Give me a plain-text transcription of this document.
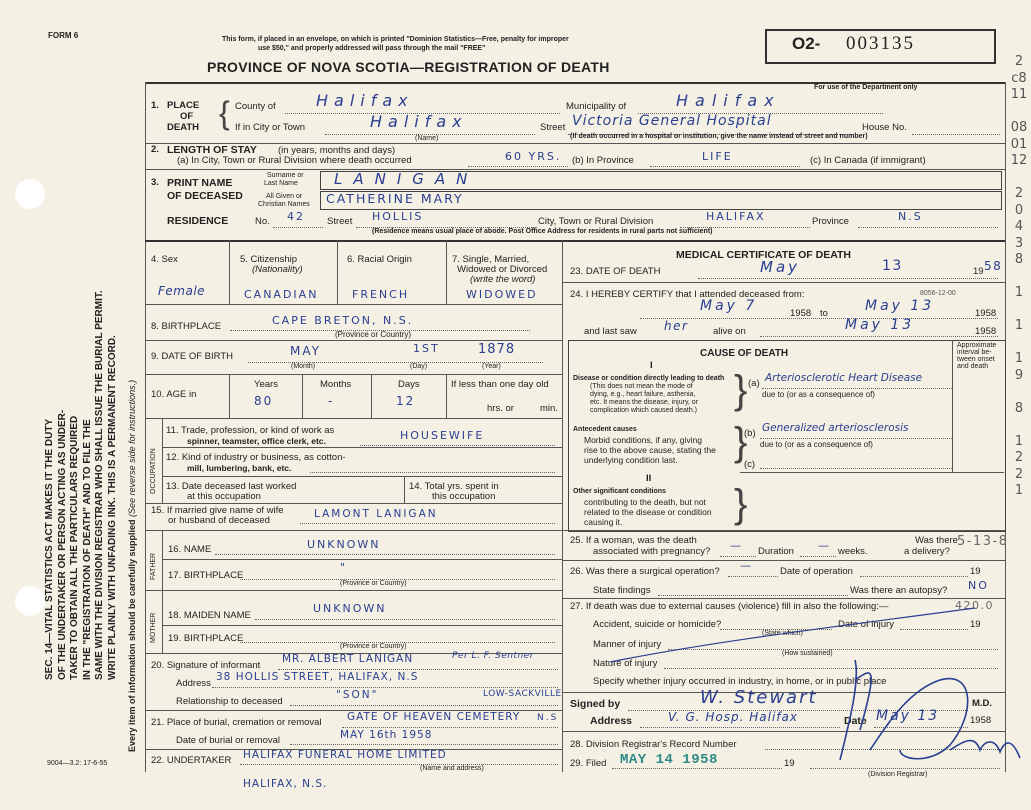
FORM 6	This form, if placed in an envelope, on which is printed "Dominion Statistics—Free, penalty for improper
use $50," and properly addressed will pass through the mail "FREE"
PROVINCE OF NOVA SCOTIA—REGISTRATION OF DEATH
O2- 003135
For use of the Department only
SEC. 14—VITAL STATISTICS ACT MAKES IT THE DUTY OF THE UNDERTAKER OR PERSON ACTING AS UNDER- TAKER TO OBTAIN ALL THE PARTICULARS REQUIRED IN THE "REGISTRATION OF DEATH" AND TO FILE THE SAME WITH THE DIVISION REGISTRAR WHO SHALL ISSUE THE BURIAL PERMIT. WRITE PLAINLY WITH UNFADING INK. THIS IS A PERMANENT RECORD. Every item of information should be carefully supplied (See reverse side for instructions.)
9004—3.2: 17-6-55
1. PLACE
OF
DEATH { County of	Halifax	Municipality of	Halifax
If in City or Town	Halifax
(Name)
Street Victoria General Hospital	House No.
(If death occurred in a hospital or institution, give the name instead of street and number)
2. LENGTH OF STAY (in years, months and days)
(a) In City, Town or Rural Division where death occurred	60 YRS. (b) In Province	LIFE	(c) In Canada (if immigrant)
3. PRINT NAME
OF DECEASED
Surname or
Last Name LANIGAN
All Given or
Christian Names CATHERINE MARY
RESIDENCE	No. 42 Street HOLLIS	City, Town or Rural Division	HALIFAX	Province	N.S
(Residence means usual place of abode. Post Office Address for residents in rural parts not sufficient)
4. Sex
Female
5. Citizenship
(Nationality)
CANADIAN
6. Racial Origin
FRENCH
7. Single, Married,
Widowed or Divorced
(write the word)
WIDOWED
8. BIRTHPLACE	CAPE BRETON, N.S.
(Province or Country)
9. DATE OF BIRTH	MAY	1ST	1878
(Month)	(Day)	(Year)
10. AGE in
Years	Months	Days	If less than one day old
80	-	12
hrs. or	min.
OCCUPATION
11. Trade, profession, or kind of work as
spinner, teamster, office clerk, etc.	HOUSEWIFE
12. Kind of industry or business, as cotton-
mill, lumbering, bank, etc.
13. Date deceased last worked
at this occupation
14. Total yrs. spent in
this occupation
15. If married give name of wife
or husband of deceased
LAMONT LANIGAN
FATHER
16. NAME	UNKNOWN
17. BIRTHPLACE
"
(Province or Country)
MOTHER 18. MAIDEN NAME
UNKNOWN
19. BIRTHPLACE
(Province or Country)
20. Signature of informant
MR. ALBERT LANIGAN	Per L. F. Sentner
Address
38 HOLLIS STREET, HALIFAX, N.S
Relationship to deceased
"SON"	LOW-SACKVILLE
21. Place of burial, cremation or removal GATE OF HEAVEN CEMETERY N.S
Date of burial or removal	MAY 16th 1958
22. UNDERTAKER HALIFAX FUNERAL HOME LIMITED
(Name and address)
HALIFAX, N.S.
MEDICAL CERTIFICATE OF DEATH
23. DATE OF DEATH	May	13	19 58
24. I HEREBY CERTIFY that I attended deceased from:	8056-12-00
May 7	1958 to	May 13	1958
and last saw her	alive on	May 13	1958
CAUSE OF DEATH
Approximate
interval be-
tween onset
and death
I
Disease or condition directly leading to death
(This does not mean the mode of
dying, e.g., heart failure, asthenia,
etc. It means the disease, injury, or
complication which caused death.) } (a) Arteriosclerotic Heart Disease
due to (or as a consequence of)
Antecedent causes
Morbid conditions, if any, giving
rise to the above cause, stating the
underlying condition last. }
(b) Generalized arteriosclerosis
due to (or as a consequence of)
(c)
II
Other significant conditions
contributing to the death, but not
related to the disease or condition
causing it.	}
25. If a woman, was the death
associated with pregnancy? — Duration — weeks.
Was there
a delivery?
5-13-8
26. Was there a surgical operation? —	Date of operation	19
State findings	Was there an autopsy? NO
27. If death was due to external causes (violence) fill in also the following:—	420.0
Accident, suicide or homicide?
(State which)
Date of injury	19
Manner of injury
(How sustained)
Nature of injury
Specify whether injury occurred in industry, in home, or in public place
Signed by	W. Stewart	M.D.
Address	V. G. Hosp. Halifax	Date May 13	1958
28. Division Registrar's Record Number
29. Filed MAY 14 1958	19
(Division Registrar)
2
c8
11

08
01
12

2
0
4
3
8

1

1

1
9

8

1
2
2
1
